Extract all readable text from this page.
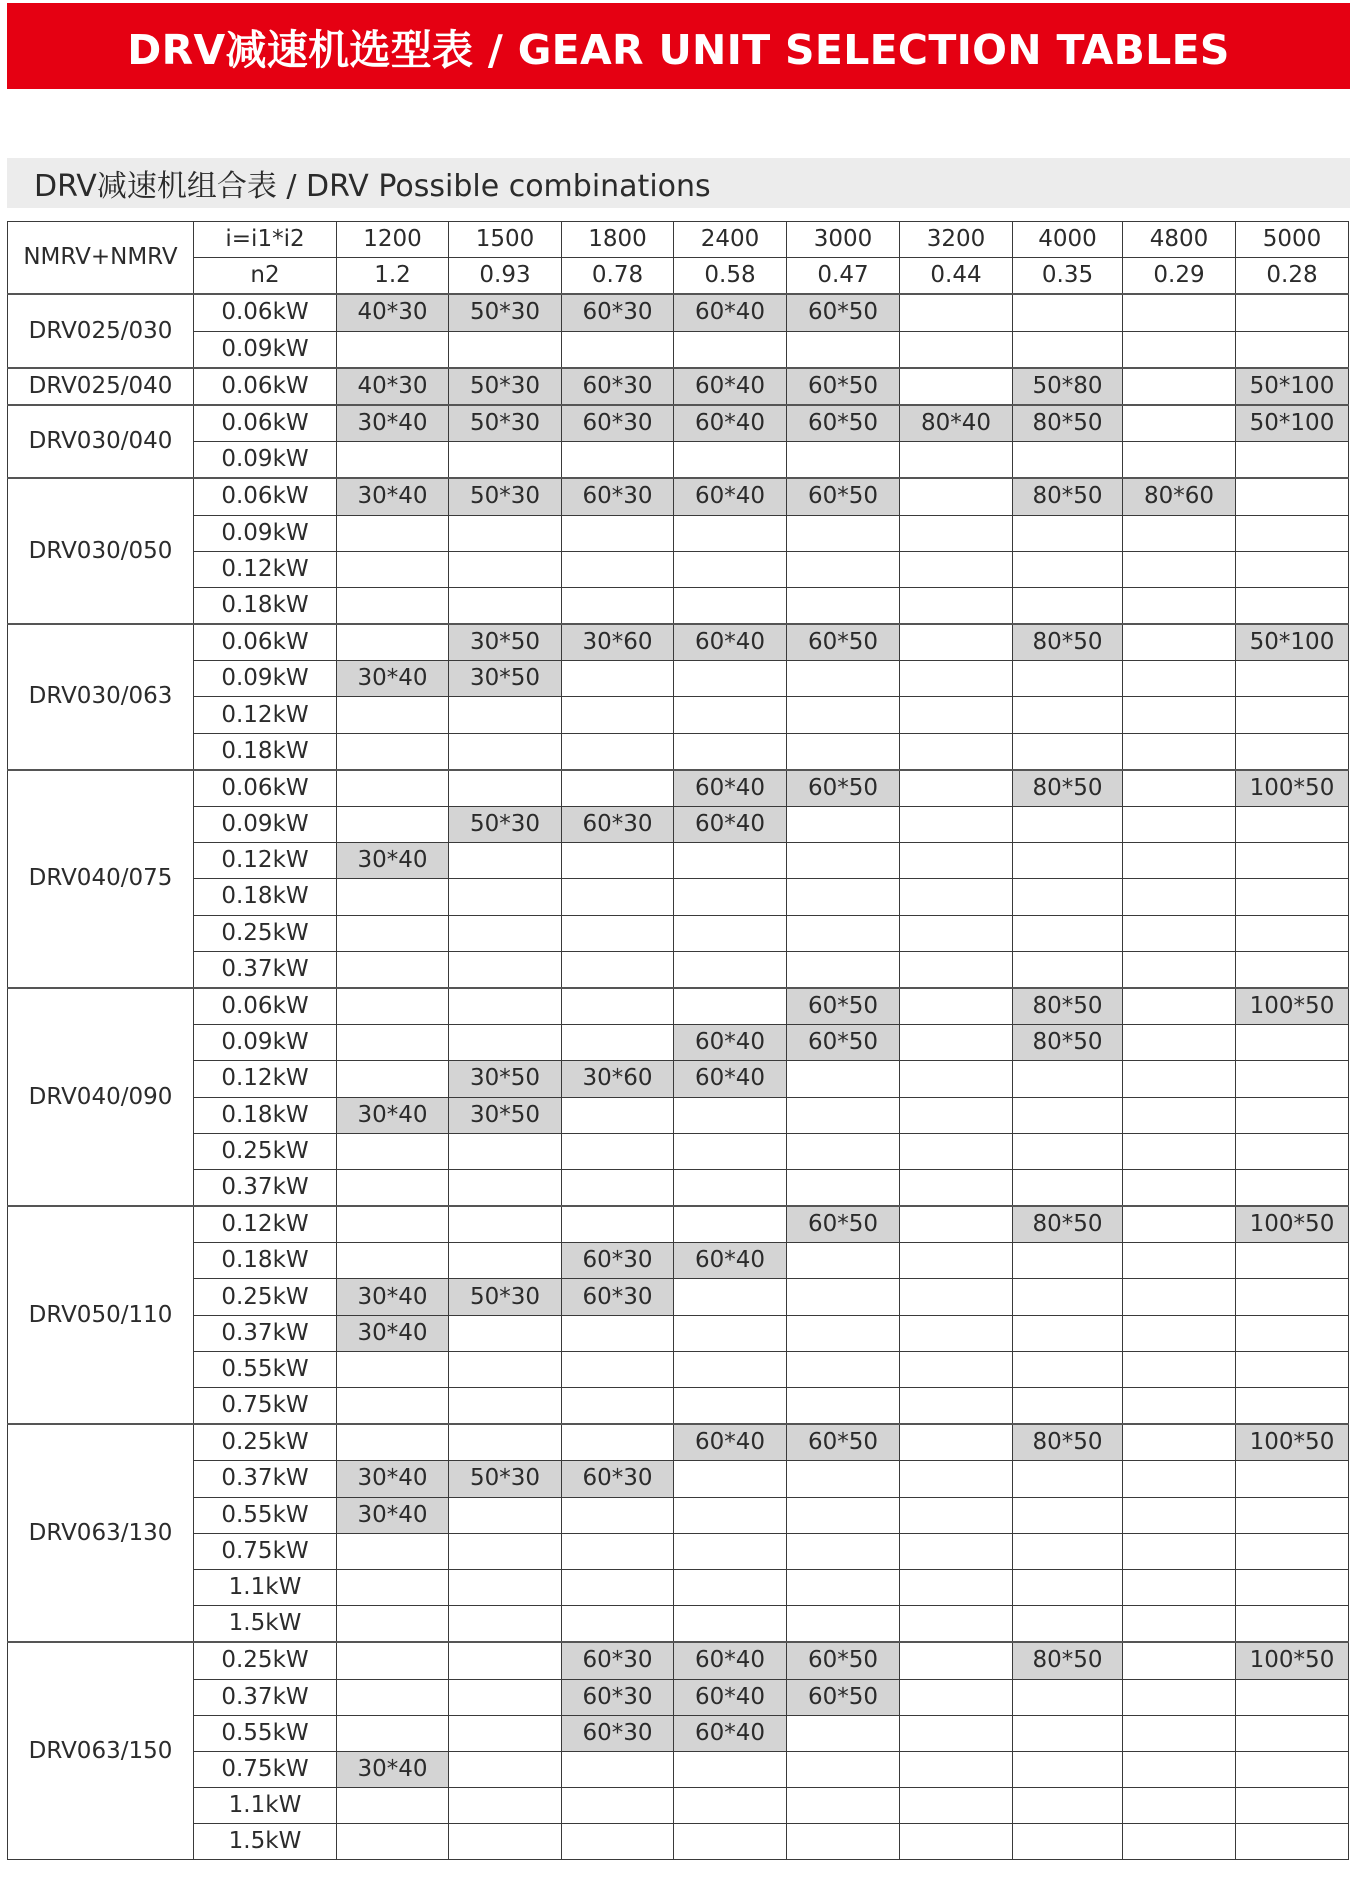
DRV减速机选型表 / GEAR UNIT SELECTION TABLES
DRV减速机组合表 / DRV Possible combinations
NMRV+NMRV	i=i1*i2	1200	1500	1800	2400	3000	3200	4000	4800	5000
	n2	1.2	0.93	0.78	0.58	0.47	0.44	0.35	0.29	0.28
DRV025/030	0.06kW	40*30	50*30	60*30	60*40	60*50				
	0.09kW									
DRV025/040	0.06kW	40*30	50*30	60*30	60*40	60*50		50*80		50*100
DRV030/040	0.06kW	30*40	50*30	60*30	60*40	60*50	80*40	80*50		50*100
	0.09kW									
DRV030/050	0.06kW	30*40	50*30	60*30	60*40	60*50		80*50	80*60	
	0.09kW									
	0.12kW									
	0.18kW									
DRV030/063	0.06kW		30*50	30*60	60*40	60*50		80*50		50*100
	0.09kW	30*40	30*50							
	0.12kW									
	0.18kW									
DRV040/075	0.06kW				60*40	60*50		80*50		100*50
	0.09kW		50*30	60*30	60*40					
	0.12kW	30*40								
	0.18kW									
	0.25kW									
	0.37kW									
DRV040/090	0.06kW					60*50		80*50		100*50
	0.09kW				60*40	60*50		80*50		
	0.12kW		30*50	30*60	60*40					
	0.18kW	30*40	30*50							
	0.25kW									
	0.37kW									
DRV050/110	0.12kW					60*50		80*50		100*50
	0.18kW			60*30	60*40					
	0.25kW	30*40	50*30	60*30						
	0.37kW	30*40								
	0.55kW									
	0.75kW									
DRV063/130	0.25kW				60*40	60*50		80*50		100*50
	0.37kW	30*40	50*30	60*30						
	0.55kW	30*40								
	0.75kW									
	1.1kW									
	1.5kW									
DRV063/150	0.25kW			60*30	60*40	60*50		80*50		100*50
	0.37kW			60*30	60*40	60*50				
	0.55kW			60*30	60*40					
	0.75kW	30*40								
	1.1kW									
	1.5kW									
